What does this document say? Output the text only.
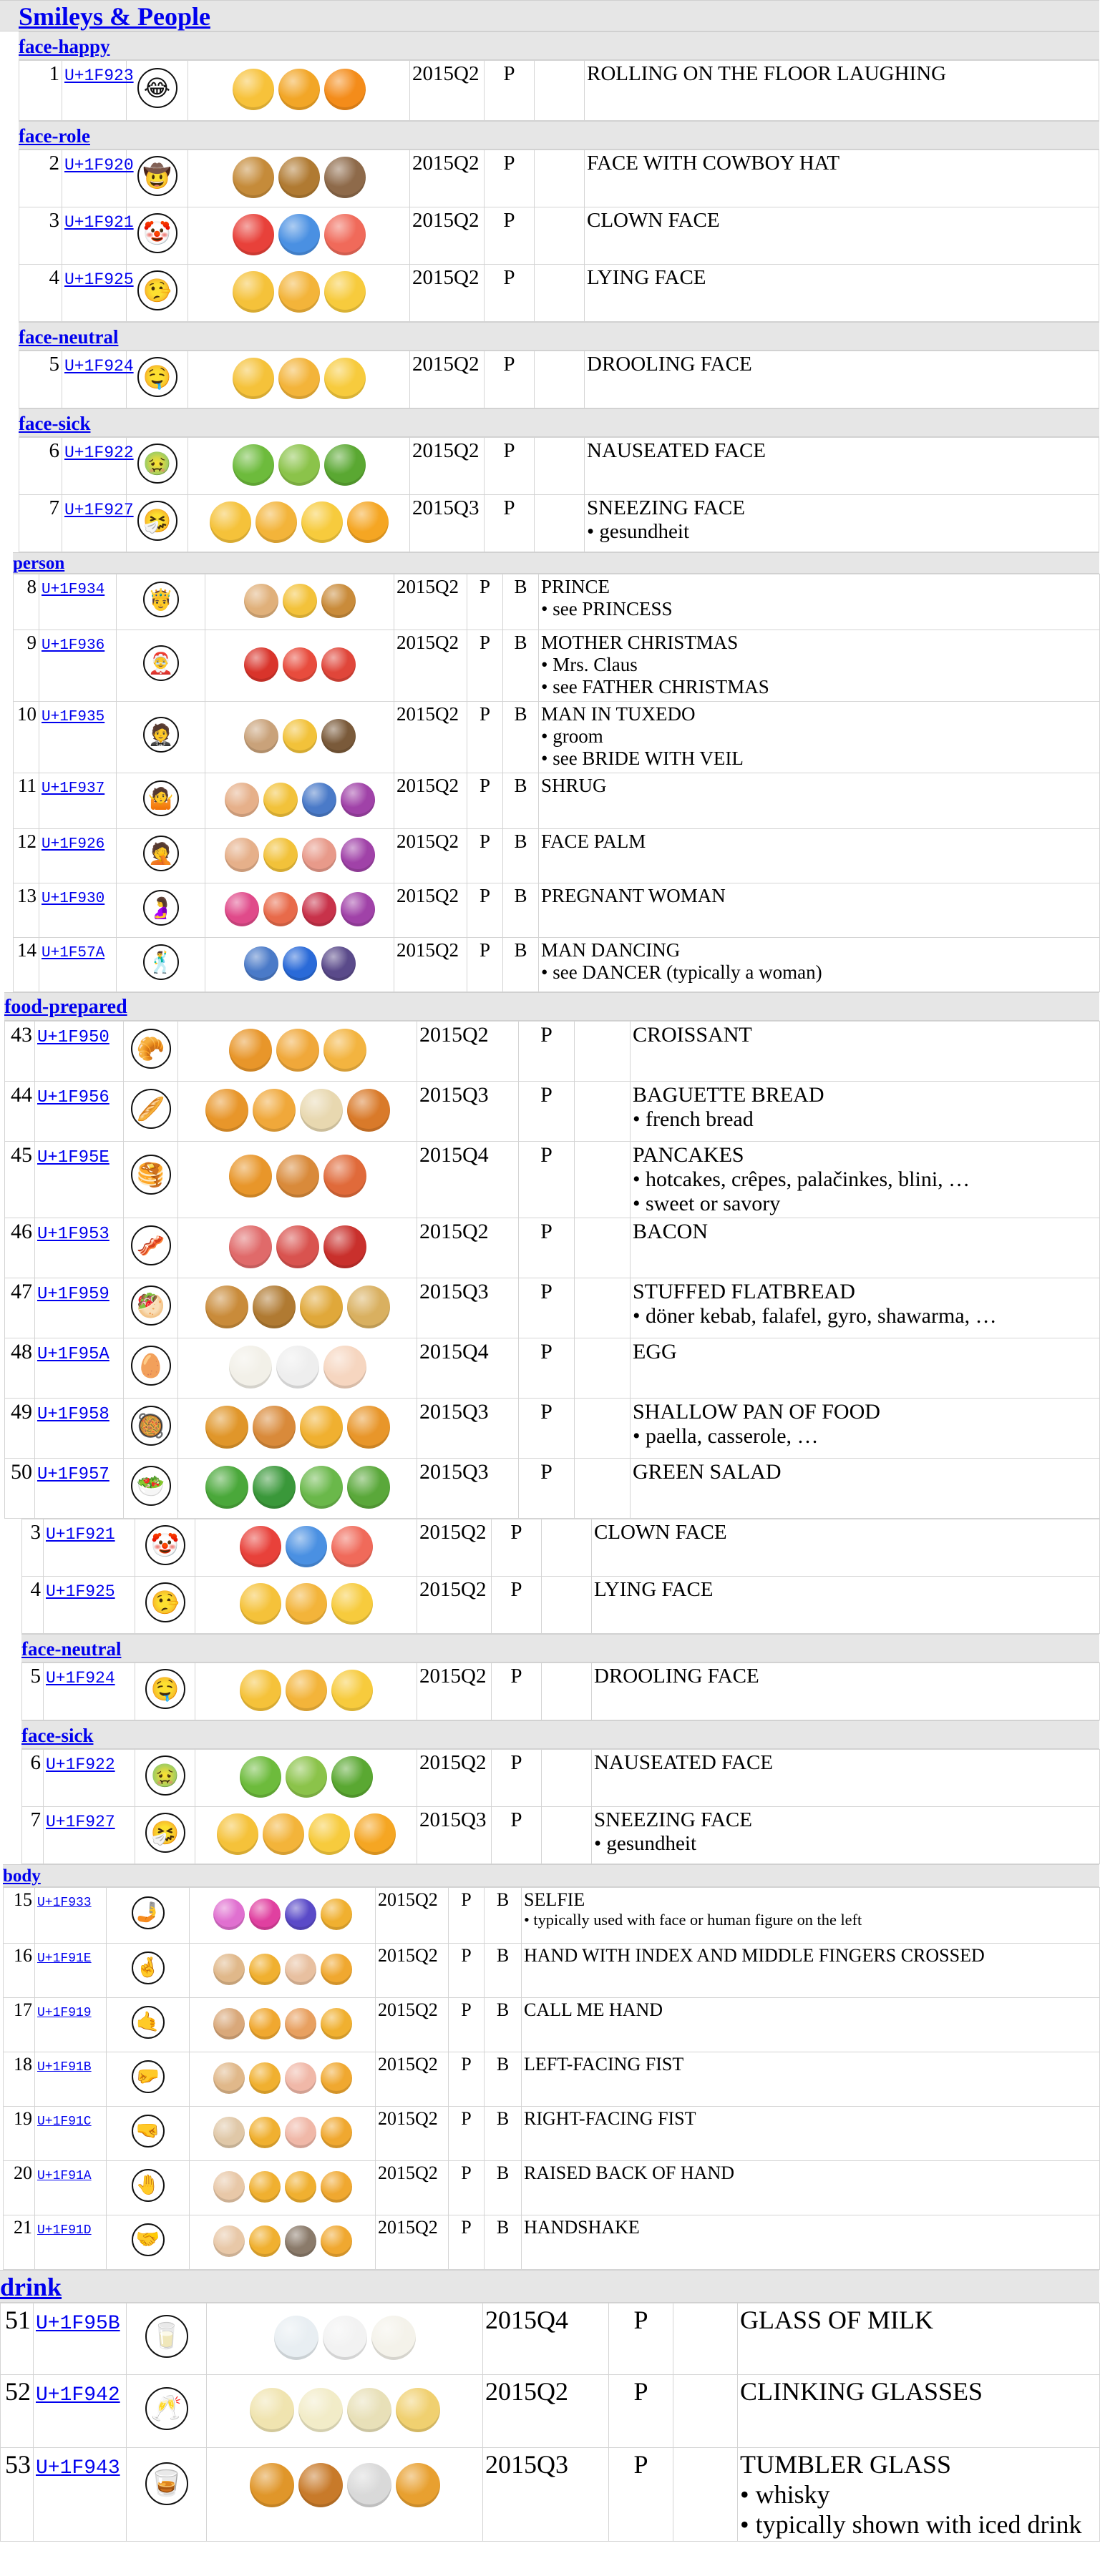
Smileys & People
face-happy
1	U+1F923	😂		2015Q2	P		ROLLING ON THE FLOOR LAUGHING
face-role
2	U+1F920	🤠		2015Q2	P		FACE WITH COWBOY HAT
3	U+1F921	🤡		2015Q2	P		CLOWN FACE
4	U+1F925	🤥		2015Q2	P		LYING FACE
face-neutral
5	U+1F924	🤤		2015Q2	P		DROOLING FACE
face-sick
6	U+1F922	🤢		2015Q2	P		NAUSEATED FACE
7	U+1F927	🤧		2015Q3	P		SNEEZING FACE
• gesundheit
person
8	U+1F934	🤴		2015Q2	P	B	PRINCE
• see PRINCESS

9	U+1F936	🤶		2015Q2	P	B	MOTHER CHRISTMAS
• Mrs. Claus
• see FATHER CHRISTMAS

10	U+1F935	🤵		2015Q2	P	B	MAN IN TUXEDO
• groom
• see BRIDE WITH VEIL

11	U+1F937	🤷		2015Q2	P	B	SHRUG
12	U+1F926	🤦		2015Q2	P	B	FACE PALM
13	U+1F930	🤰		2015Q2	P	B	PREGNANT WOMAN
14	U+1F57A	🕺		2015Q2	P	B	MAN DANCING
• see DANCER (typically a woman)
food-prepared
43	U+1F950	🥐		2015Q2	P		CROISSANT
44	U+1F956	🥖		2015Q3	P		BAGUETTE BREAD
• french bread

45	U+1F95E	🥞		2015Q4	P		PANCAKES
• hotcakes, crêpes, palačinkes, blini, …
• sweet or savory

46	U+1F953	🥓		2015Q2	P		BACON
47	U+1F959	🥙		2015Q3	P		STUFFED FLATBREAD
• döner kebab, falafel, gyro, shawarma, …

48	U+1F95A	🥚		2015Q4	P		EGG
49	U+1F958	🥘		2015Q3	P		SHALLOW PAN OF FOOD
• paella, casserole, …

50	U+1F957	🥗		2015Q3	P		GREEN SALAD
3	U+1F921	🤡		2015Q2	P		CLOWN FACE
4	U+1F925	🤥		2015Q2	P		LYING FACE
face-neutral
5	U+1F924	🤤		2015Q2	P		DROOLING FACE
face-sick
6	U+1F922	🤢		2015Q2	P		NAUSEATED FACE
7	U+1F927	🤧		2015Q3	P		SNEEZING FACE
• gesundheit
body
15	U+1F933	🤳		2015Q2	P	B	SELFIE
• typically used with face or human figure on the left

16	U+1F91E	🤞		2015Q2	P	B	HAND WITH INDEX AND MIDDLE FINGERS CROSSED
17	U+1F919	🤙		2015Q2	P	B	CALL ME HAND
18	U+1F91B	🤛		2015Q2	P	B	LEFT-FACING FIST
19	U+1F91C	🤜		2015Q2	P	B	RIGHT-FACING FIST
20	U+1F91A	🤚		2015Q2	P	B	RAISED BACK OF HAND
21	U+1F91D	🤝		2015Q2	P	B	HANDSHAKE
drink
51	U+1F95B	🥛		2015Q4	P		GLASS OF MILK
52	U+1F942	🥂		2015Q2	P		CLINKING GLASSES
53	U+1F943	🥃		2015Q3	P		TUMBLER GLASS
• whisky
• typically shown with iced drink
